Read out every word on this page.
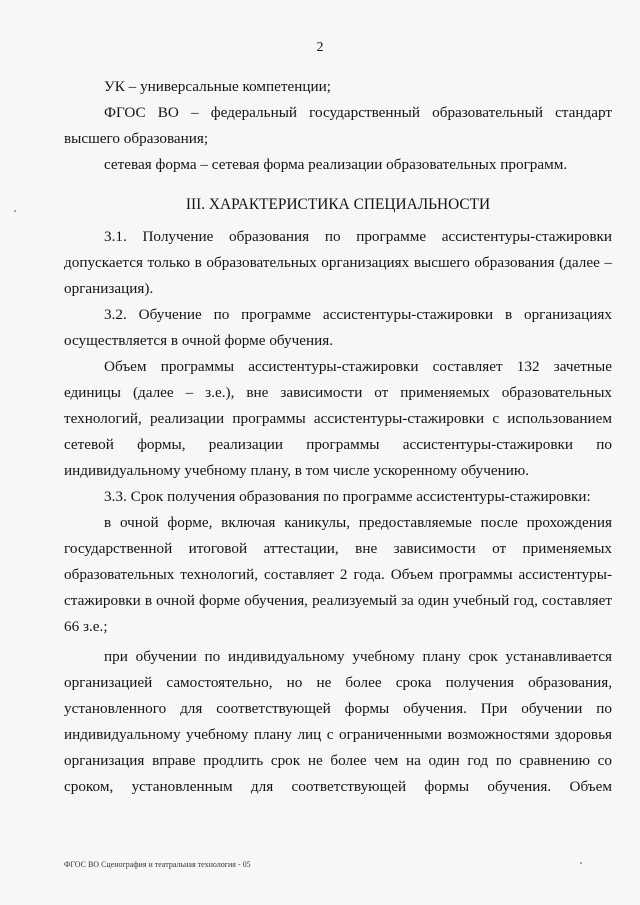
2

УК – универсальные компетенции;

ФГОС ВО – федеральный государственный образовательный стандарт высшего образования;

сетевая форма – сетевая форма реализации образовательных программ.

III. ХАРАКТЕРИСТИКА СПЕЦИАЛЬНОСТИ

3.1. Получение образования по программе ассистентуры-стажировки допускается только в образовательных организациях высшего образования (далее – организация).

3.2. Обучение по программе ассистентуры-стажировки в организациях осуществляется в очной форме обучения.

Объем программы ассистентуры-стажировки составляет 132 зачетные единицы (далее – з.е.), вне зависимости от применяемых образовательных технологий, реализации программы ассистентуры-стажировки с использованием сетевой формы, реализации программы ассистентуры-стажировки по индивидуальному учебному плану, в том числе ускоренному обучению.

3.3. Срок получения образования по программе ассистентуры-стажировки:

в очной форме, включая каникулы, предоставляемые после прохождения государственной итоговой аттестации, вне зависимости от применяемых образовательных технологий, составляет 2 года. Объем программы ассистентуры-стажировки в очной форме обучения, реализуемый за один учебный год, составляет 66 з.е.;

при обучении по индивидуальному учебному плану срок устанавливается организацией самостоятельно, но не более срока получения образования, установленного для соответствующей формы обучения. При обучении по индивидуальному учебному плану лиц с ограниченными возможностями здоровья организация вправе продлить срок не более чем на один год по сравнению со сроком, установленным для соответствующей формы обучения. Объем

ФГОС ВО Сценография и театральная технология - 05
